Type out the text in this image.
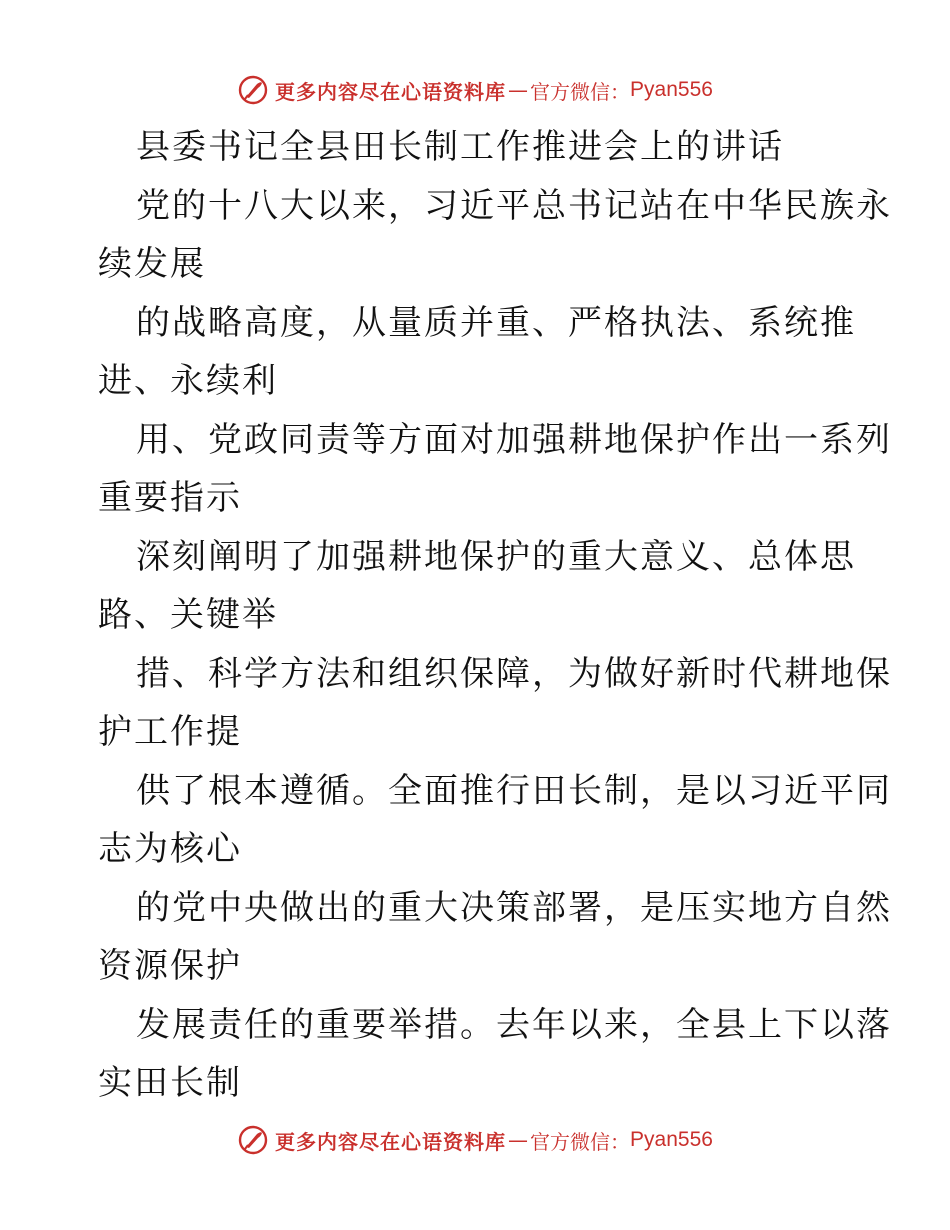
更多内容尽在心语资料库 — 官方微信： Pyan556
县委书记全县田长制工作推进会上的讲话
党的十八大以来，习近平总书记站在中华民族永
续发展
的战略高度，从量质并重、严格执法、系统推
进、永续利
用、党政同责等方面对加强耕地保护作出一系列
重要指示
深刻阐明了加强耕地保护的重大意义、总体思
路、关键举
措、科学方法和组织保障，为做好新时代耕地保
护工作提
供了根本遵循。全面推行田长制，是以习近平同
志为核心
的党中央做出的重大决策部署，是压实地方自然
资源保护
发展责任的重要举措。去年以来，全县上下以落
实田长制
更多内容尽在心语资料库 — 官方微信： Pyan556
